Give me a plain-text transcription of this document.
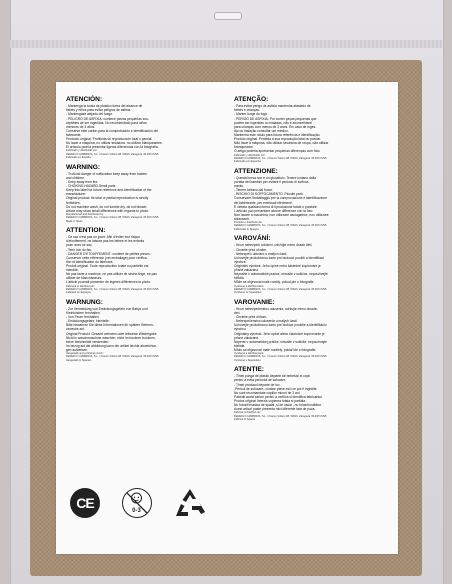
ATENCIÓN:
- Mantenga la bolsa de plástico fuera del alcance de
bebés y niños para evitar peligros de asfixia.
- Mantengase alejado del fuego.
- PELIGRO DE ASFIXIA: contiene piezas pequeñas sus-
ceptibles de ser ingeridas. No recomendado para niños
menores de 3 años.
Conserve este cartón para la comprobación e identificación del
fabricante.
Producto original. Prohibida su reproducción total o parcial.
No lavar a maquina, no utilizar secadora, no utilizar blanqueantes.
El artículo podría presentar ligeras diferencias con la fotografía.
Fabricado y distribuido por:
FEDER FI CAMBRIOS, S.L. / Franco Volturo 98, 50016, Zaragoza / B-93717295
Fabricado en España
WARNING:
- To Avoid danger of suffocation keep away from babies
and children.
- Keep away from fire.
- CHOKING HAZARD-Small parts
Keep this label for future reference and identification of the
manufacturer.
Original product. Its total or partial reproduction is strictly
forbidden.
Do not machine wash, do not tumble dry, do not bleach.
Article may show small differences with regards to photo.
Manufactured and distributed by:
FEDER FI CAMBRIOS, S.L. / Franco Volturo 98, 50016, Zaragoza / B-93717295
Made in Spain
ATTENTION:
- Ce sac n'est pas un jouet. Afin d'éviter tout risque
d'étouffement, ne laissez pas les bébés et les enfants
jouer avec ce sac.
- Tenir loin du feu.
- DANGER D'ETOUFFEMENT- contient de petites pieces.
Conserver cette référence (cet emballage) pour vérifica-
tion et identification du fabricant.
Produit original. Toute reproduction totale ou partielle est
interdite.
Ne pas laver à machine, ne pas utiliser de sèche-linge, ne pas
utiliser de blanchisseurs.
L'article pourrait presenter de legeres différences la photo.
Fabriqué et distribué par:
FEDER FI CAMBRIOS, S.L. / Franco Volturo 98, 50016, Zaragoza / B-93717295
Fabriqué en Espagne
WARNUNG:
- Zur Vermeidung von Erstickungsgefahr von Babys und
Kleinkindern fernhalten.
- Von Feuer fernhalten.
- Erstickungsgefahr, kleinteile.
Bitte bewahren Sie diese Informationen für spätere Referen-
zzwecke auf.
Original Produkt. Gesamt verboten oder teilweise Wiedergabe
Nicht in waschmaschine waschen, nicht im trockner trocknen,
keine bleichmittel verwenden.
Im bezug auf die abbildung kann der artikel leichte abweichun-
gen aufweisen.
Hergestellt und vertrieben durch:
FEDER FI CAMBRIOS, S.L. / Franco Volturo 98, 50016, Zaragoza / B-93717295
Hergestellt in Spanien
ATENÇÃO:
- Para evitar perigo de asfixia mantenha afastado de
bebés e crianças.
- Manter longe do fogo.
- PERIGO DE ASFIXIA- Por conter peças pequenas que
podem ser ingeridas ou inaladas, não é aconselhável
para crianças com menos de 3 anos. Em caso de inges-
tão ou inalação consultar um médico.
Mantenha este rótulo para futura referência e identificação.
Produto original. Proibida a sua reprodução total ou parcial.
Não lavar à máquina, não utilizar secadora de roupa, não utilizar
branqueador.
O artigo poderia apresentar pequenas diferenças com foto.
Fabricado y distribuido por:
FEDER FI CAMBRIOS, S.L. / Franco Volturo 98, 50016, Zaragoza / B-93717295
Fabricado em Espanha
ATTENZIONE:
- Questa borsa non è un giocattolo. Tenere lontano dalla
portata dei bambini per evitare il pericolo di soffoca-
mento.
- Tenere lontano dal fuoco.
- RISCHIO DI SOFFOCAMENTO. Piccole parti.
Conservare l'imballaggio per la comprovazione e identificazione
del fabbricante, per eventuali riferimenti.
È vietata qualsiasi forma di riproduzione totale o parziale.
L'articolo può presentare alcune differenze con la foto.
Non lavare a macchina, non utilizzare asciugatrice, non utilizzare
sbiancanti.
Prodotto e distribuito da:
FEDER FI CAMBRIOS, S.L. / Franco Volturo 98, 50016, Zaragoza / B-93717295
Fabbricato in Spagna
VAROVÁNÍ:
- Hrozí nebezpečí udušení, udržujte mimo dosah dětí.
- Chraňte před ohněm.
- Nebezpečí udušení u malých částí.
Uchovejte produktovou kartu pro budoucí použití a identifikaci
výrobce.
Originální výrobek. Jeho úplné nebo částečné kopírování je
přísně zakázáno.
Nepražte v automatické pračce, nesušte v sušičce, nepoužívejte
bělidla.
Může se objevovat malé rozdíly, pokud jde o fotografie.
Vyrobeno a distribuováno:
FEDER FI CAMBRIOS, S.L. / Franco Volturo 98, 50016, Zaragoza / B-93717295
Vyrobeno ve Španělsku
VAROVANIE:
- Hrozí nebezpečenstvo udusenia, udržujte mimo dosahu
detí.
- Chráňte pred ohňom.
- Nebezpečenstvo udusenia u malých častí.
Uchovejte produktovou kartu pre budúce použitie a identifikáciu
výrobcu.
Originálny výrobok. Jeho úplné alebo čiastočné kopírovanie je
prísne zakázané.
Neperte v automatickej práčke, nesušte v sušičke, nepoužívajte
bielidlá.
Môžu sa objavovať malé rozdiely, pokiaľ ide o fotografie.
Vyrobené a distribuované:
FEDER FI CAMBRIOS, S.L. / Franco Volturo 98, 50016, Zaragoza / B-93717295
Vyrobené v Španielsku
ATENȚIE:
- Țineți punga de plastic departe de bebeluși și copii
pentru a evita pericolul de sufocare.
- Țineți produsul departe de foc.
-Pericol de sufocare- contine piese mici ce pot fi înghițite.
Nu sunt recomandate copiilor minori de 3 ani.
Pastrati acest carton pentru a verifica si identifica fabricantul.
Produs original Interzis copierea totala si partiala.
Nu folositi masina de spalat ,si de uscat , nu folositi inalbitor.
Acest articol poate prezenta mici diferente fata de poza.
Fabricat și distribuit de:
FEDER FI CAMBRIOS, S.L. / Franco Volturo 98, 50016, Zaragoza / B-93717295
Fabricat în Spania
CE	0-3
